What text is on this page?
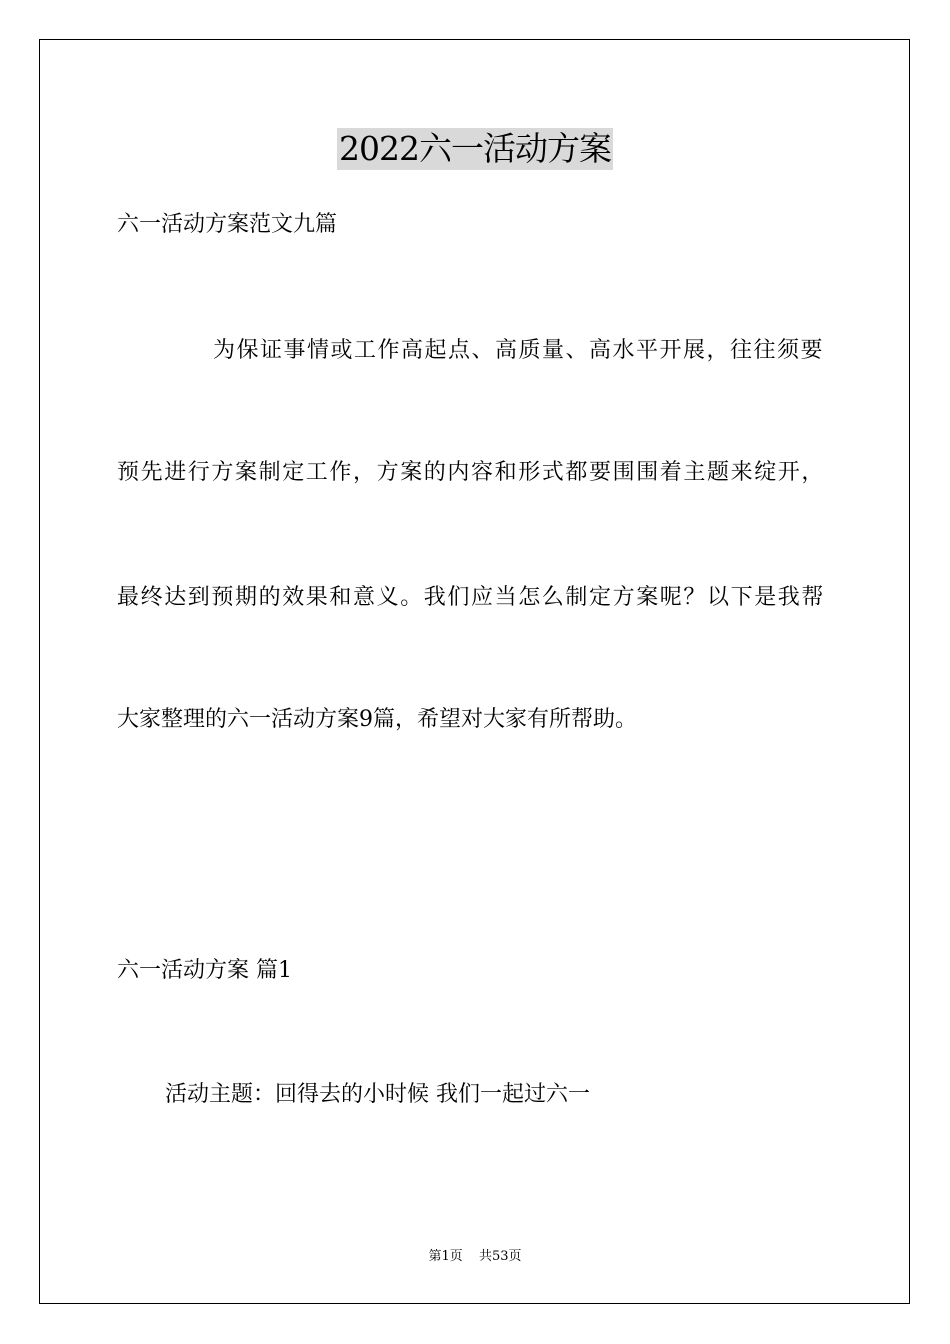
2022六一活动方案
六一活动方案范文九篇
为保证事情或工作高起点、高质量、高水平开展，往往须要
预先进行方案制定工作，方案的内容和形式都要围围着主题来绽开，
最终达到预期的效果和意义。我们应当怎么制定方案呢？以下是我帮
大家整理的六一活动方案9篇，希望对大家有所帮助。
六一活动方案 篇1
活动主题：回得去的小时候 我们一起过六一
第1页 共53页
